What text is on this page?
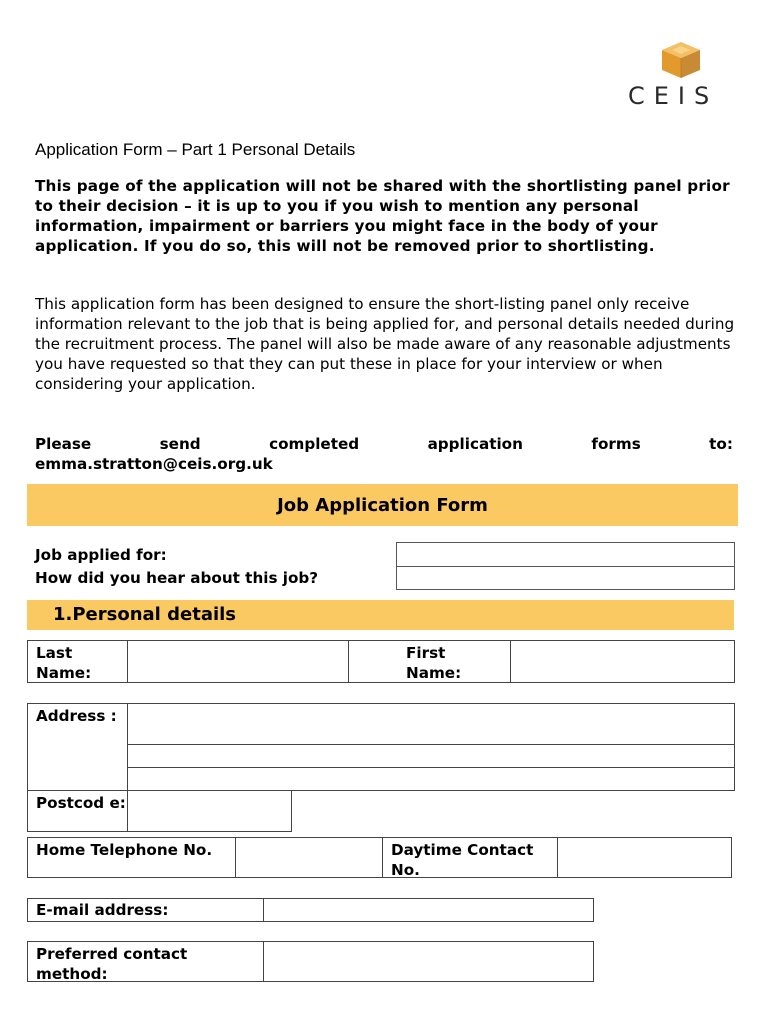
CEIS
Application Form – Part 1 Personal Details
This page of the application will not be shared with the shortlisting panel prior to their decision – it is up to you if you wish to mention any personal information, impairment or barriers you might face in the body of your application. If you do so, this will not be removed prior to shortlisting.
This application form has been designed to ensure the short-listing panel only receive information relevant to the job that is being applied for, and personal details needed during the recruitment process. The panel will also be made aware of any reasonable adjustments you have requested so that they can put these in place for your interview or when considering your application.
Please	send	completed	application	forms	to:
emma.stratton@ceis.org.uk
Job Application Form
Job applied for:
How did you hear about this job?
1.Personal details
Last Name:
First Name:
Address :
Postcod e:
Home Telephone No.	Daytime Contact No.
E-mail address:
Preferred contact method:
